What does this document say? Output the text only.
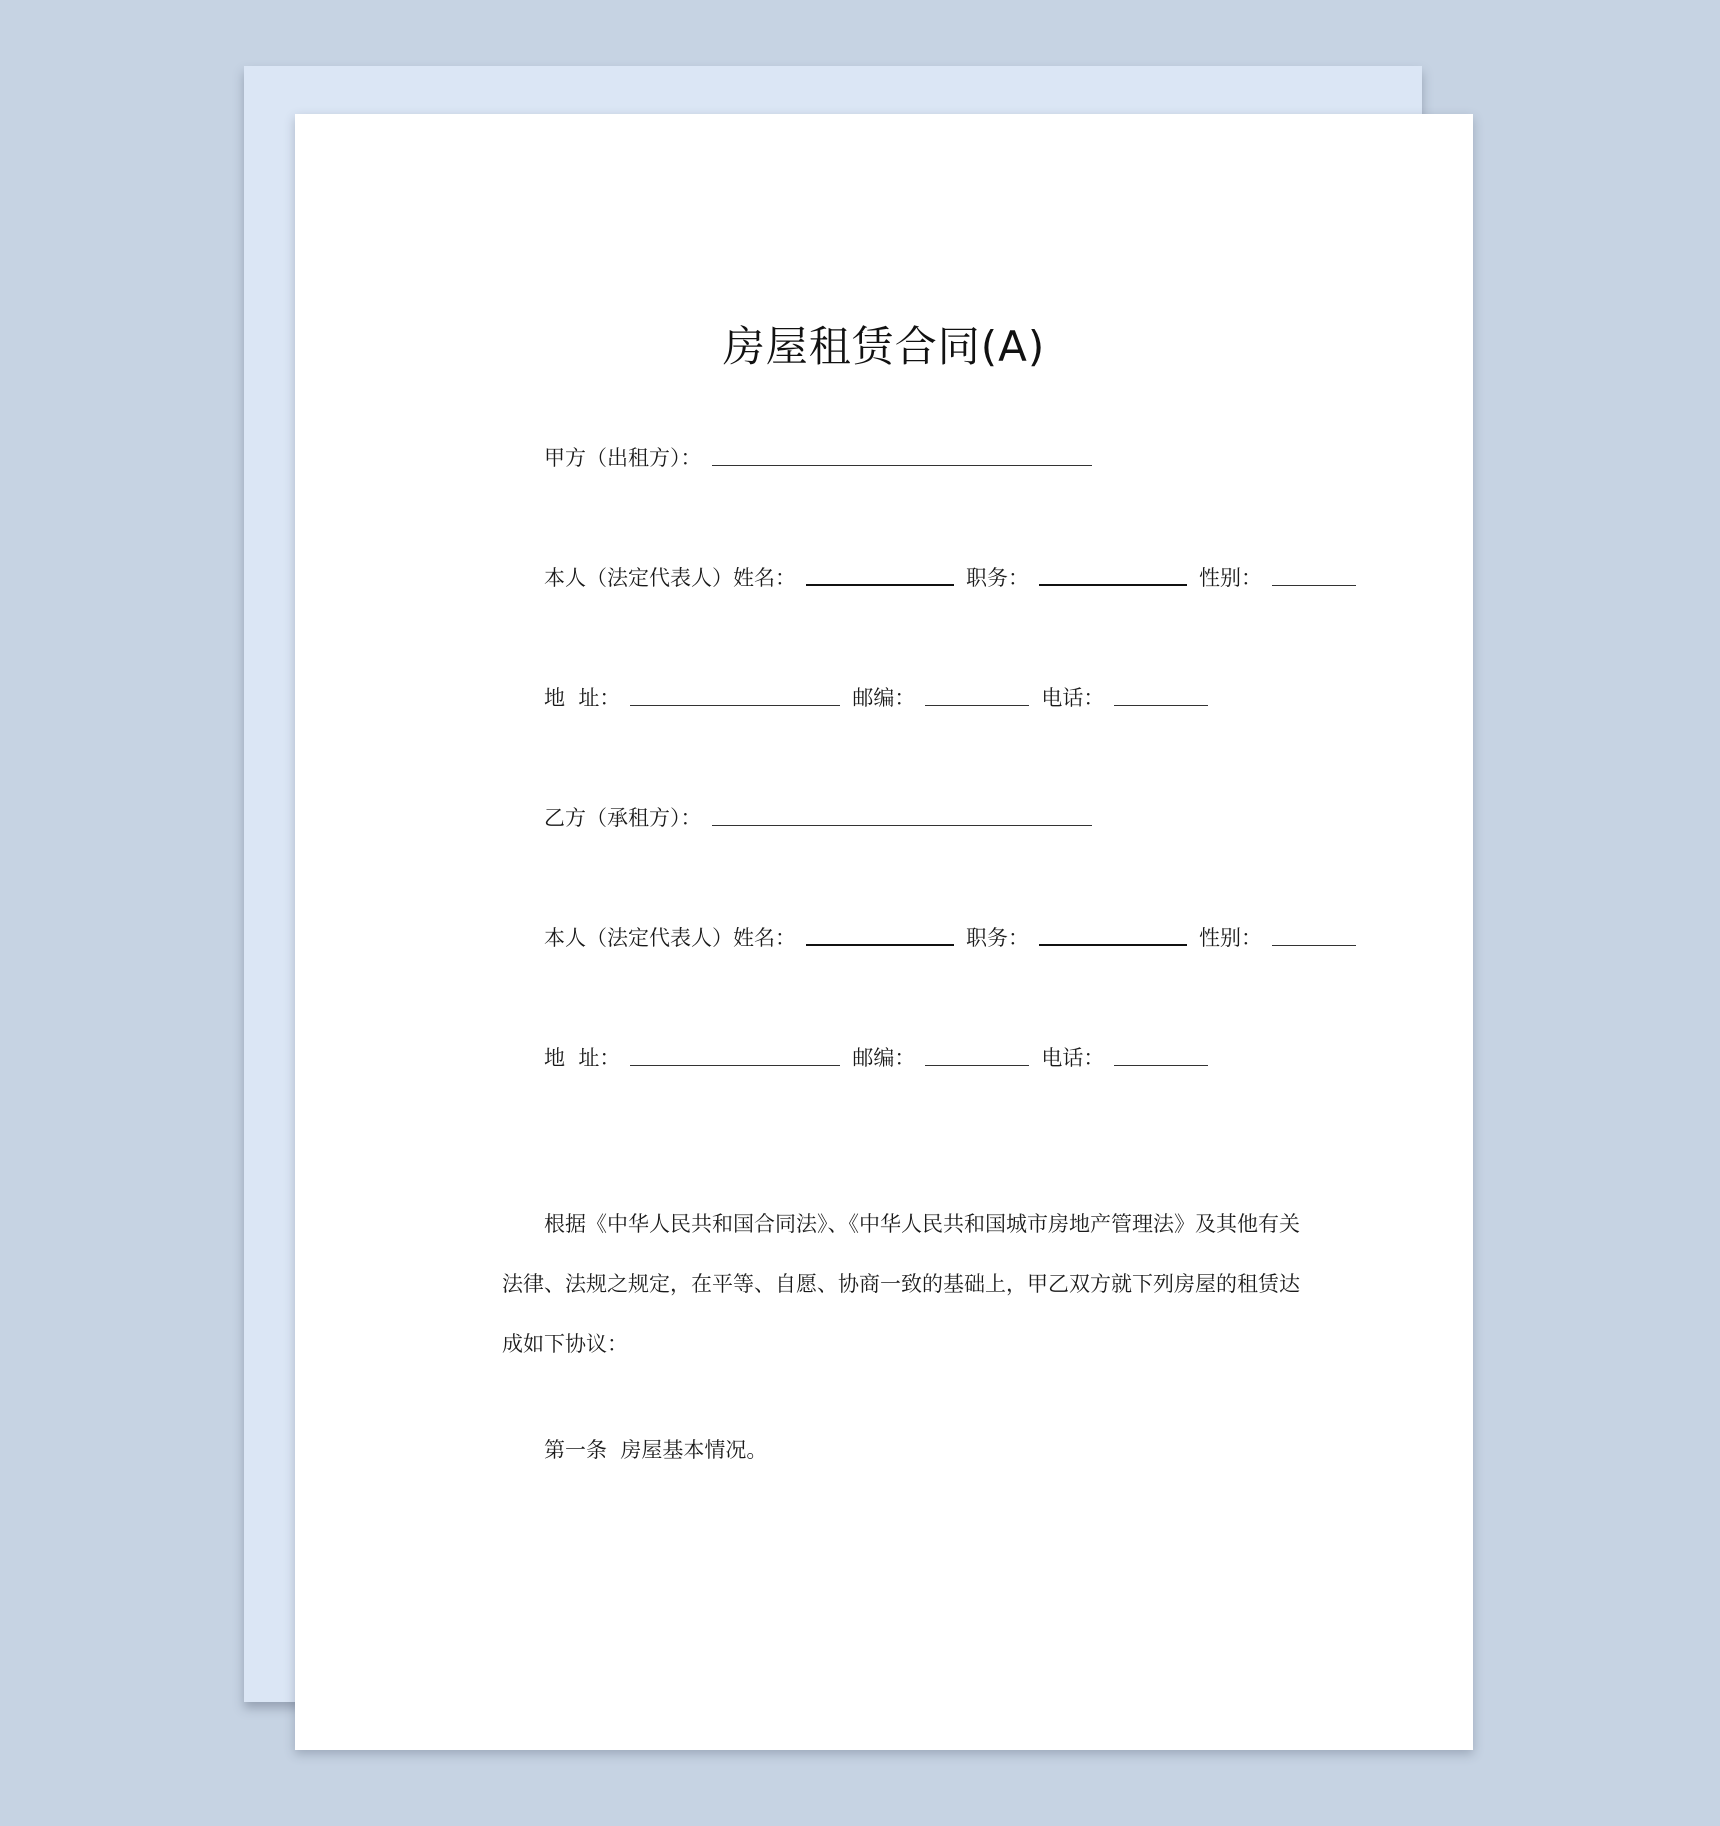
房屋租赁合同(A)
甲方（出租方）：
本人（法定代表人）姓名：	职务：	性别：
地  址：	邮编：	电话：
乙方（承租方）：
本人（法定代表人）姓名：	职务：	性别：
地  址：	邮编：	电话：

根据《中华人民共和国合同法》、《中华人民共和国城市房地产管理法》及其他有关法律、法规之规定，在平等、自愿、协商一致的基础上，甲乙双方就下列房屋的租赁达成如下协议：

第一条  房屋基本情况。
